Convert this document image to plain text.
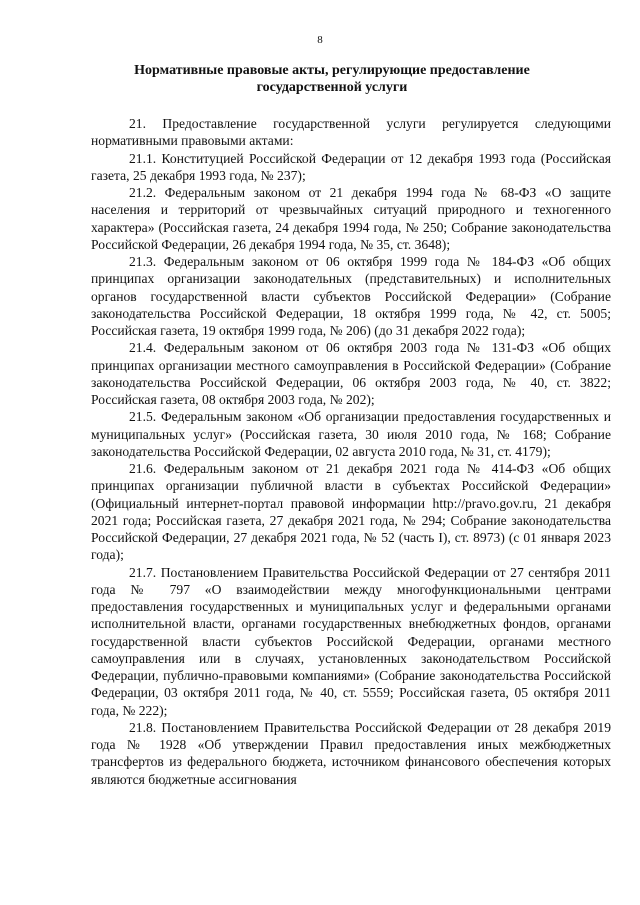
8
Нормативные правовые акты, регулирующие предоставление
государственной услуги

21. Предоставление государственной услуги регулируется следующими нормативными правовыми актами:

21.1. Конституцией Российской Федерации от 12 декабря 1993 года (Российская газета, 25 декабря 1993 года, № 237);

21.2. Федеральным законом от 21 декабря 1994 года № 68-ФЗ «О защите населения и территорий от чрезвычайных ситуаций природного и техногенного характера» (Российская газета, 24 декабря 1994 года, № 250; Собрание законодательства Российской Федерации, 26 декабря 1994 года, № 35, ст. 3648);

21.3. Федеральным законом от 06 октября 1999 года № 184-ФЗ «Об общих принципах организации законодательных (представительных) и исполнительных органов государственной власти субъектов Российской Федерации» (Собрание законодательства Российской Федерации, 18 октября 1999 года, № 42, ст. 5005; Российская газета, 19 октября 1999 года, № 206) (до 31 декабря 2022 года);

21.4. Федеральным законом от 06 октября 2003 года № 131-ФЗ «Об общих принципах организации местного самоуправления в Российской Федерации» (Собрание законодательства Российской Федерации, 06 октября 2003 года, № 40, ст. 3822; Российская газета, 08 октября 2003 года, № 202);

21.5. Федеральным законом «Об организации предоставления государственных и муниципальных услуг» (Российская газета, 30 июля 2010 года, № 168; Собрание законодательства Российской Федерации, 02 августа 2010 года, № 31, ст. 4179);

21.6. Федеральным законом от 21 декабря 2021 года № 414-ФЗ «Об общих принципах организации публичной власти в субъектах Российской Федерации» (Официальный интернет-портал правовой информации http://pravo.gov.ru, 21 декабря 2021 года; Российская газета, 27 декабря 2021 года, № 294; Собрание законодательства Российской Федерации, 27 декабря 2021 года, № 52 (часть I), ст. 8973) (с 01 января 2023 года);

21.7. Постановлением Правительства Российской Федерации от 27 сентября 2011 года № 797 «О взаимодействии между многофункциональными центрами предоставления государственных и муниципальных услуг и федеральными органами исполнительной власти, органами государственных внебюджетных фондов, органами государственной власти субъектов Российской Федерации, органами местного самоуправления или в случаях, установленных законодательством Российской Федерации, публично-правовыми компаниями» (Собрание законодательства Российской Федерации, 03 октября 2011 года, № 40, ст. 5559; Российская газета, 05 октября 2011 года, № 222);

21.8. Постановлением Правительства Российской Федерации от 28 декабря 2019 года № 1928 «Об утверждении Правил предоставления иных межбюджетных трансфертов из федерального бюджета, источником финансового обеспечения которых являются бюджетные ассигнования
